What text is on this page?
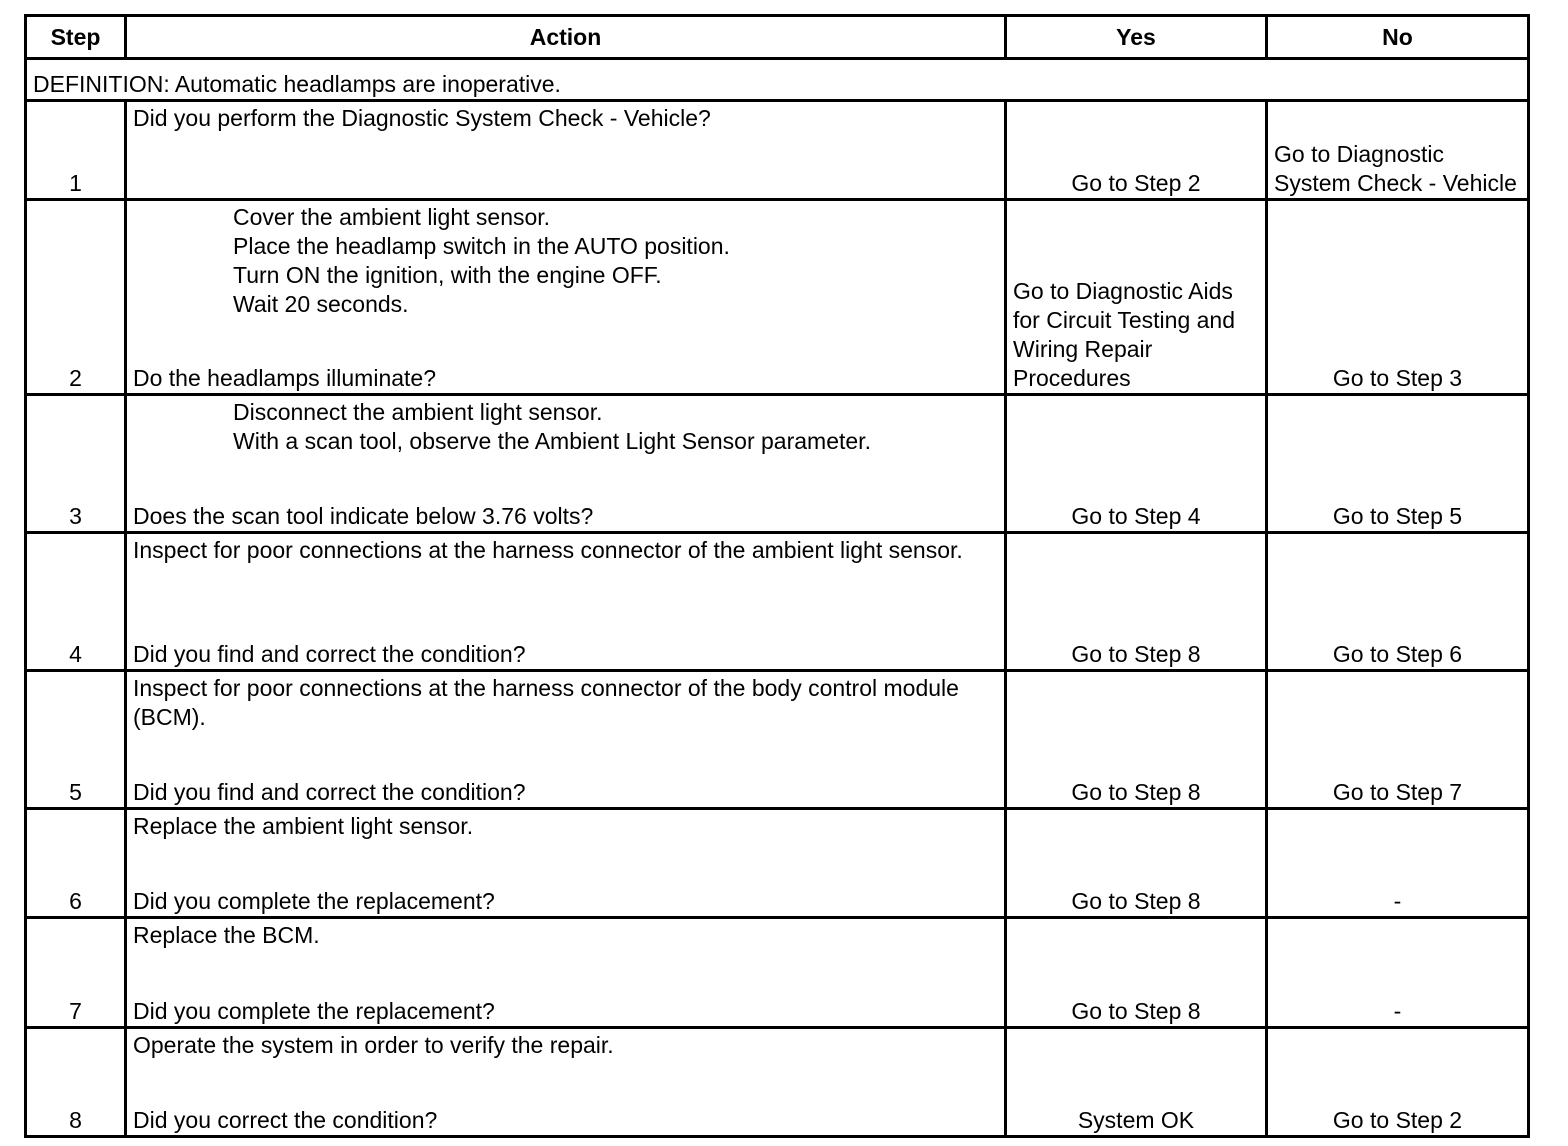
Step	Action	Yes	No
DEFINITION: Automatic headlamps are inoperative.			
1	Did you perform the Diagnostic System Check - Vehicle?	Go to Step 2	Go to Diagnostic System Check - Vehicle
2	Cover the ambient light sensor.
Place the headlamp switch in the AUTO position.
Turn ON the ignition, with the engine OFF.
Wait 20 seconds.
Do the headlamps illuminate?	Go to Diagnostic Aids for Circuit Testing and Wiring Repair Procedures	Go to Step 3
3	Disconnect the ambient light sensor.
With a scan tool, observe the Ambient Light Sensor parameter.
Does the scan tool indicate below 3.76 volts?	Go to Step 4	Go to Step 5
4	Inspect for poor connections at the harness connector of the ambient light sensor.
Did you find and correct the condition?	Go to Step 8	Go to Step 6
5	Inspect for poor connections at the harness connector of the body control module (BCM).
Did you find and correct the condition?	Go to Step 8	Go to Step 7
6	Replace the ambient light sensor.
Did you complete the replacement?	Go to Step 8	-
7	Replace the BCM.
Did you complete the replacement?	Go to Step 8	-
8	Operate the system in order to verify the repair.
Did you correct the condition?	System OK	Go to Step 2
